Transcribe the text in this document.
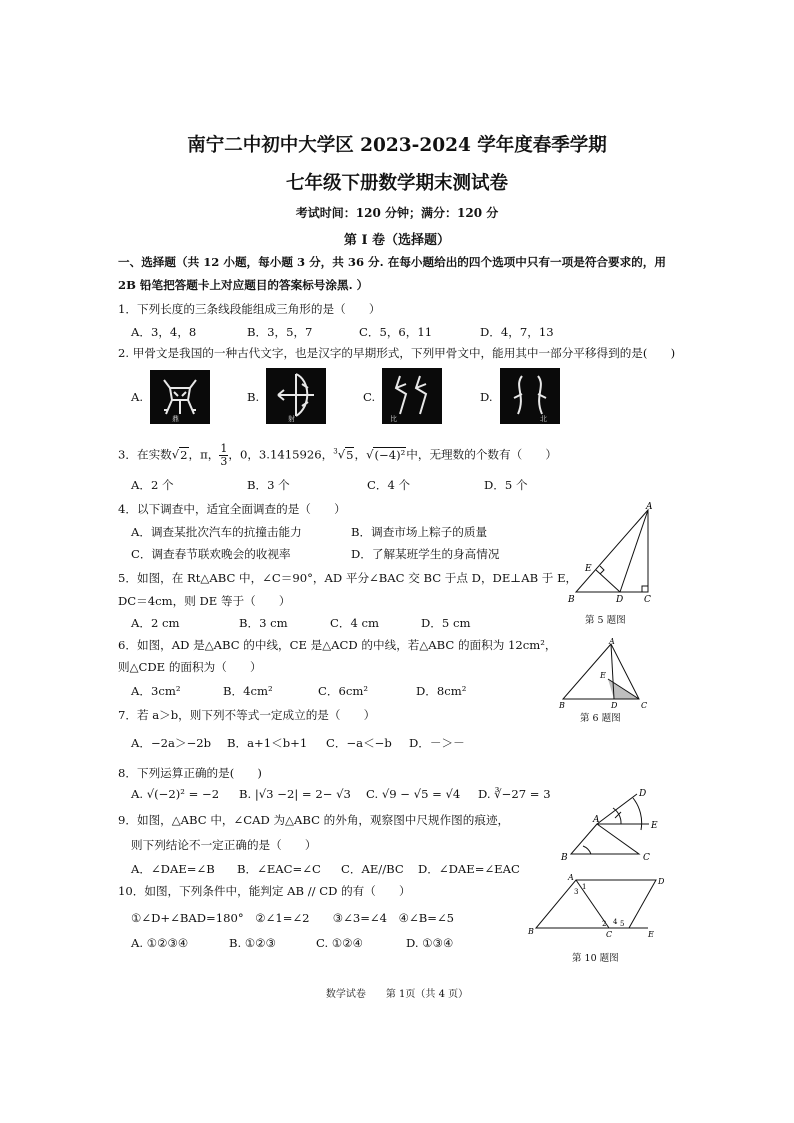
南宁二中初中大学区 2023-2024 学年度春季学期
七年级下册数学期末测试卷
考试时间：120 分钟；满分：120 分
第 I 卷（选择题）
一、选择题（共 12 小题，每小题 3 分，共 36 分. 在每小题给出的四个选项中只有一项是符合要求的，用
2B 铅笔把答题卡上对应题目的答案标号涂黑. ）
1．下列长度的三条线段能组成三角形的是（　　）
A．3，4，8	B．3，5，7	C．5，6，11	D．4，7，13
2. 甲骨文是我国的一种古代文字，也是汉字的早期形式，下列甲骨文中，能用其中一部分平移得到的是(　　)
A.
鼎
B.
射
C.
比
D.
北
3．在实数√2，π， $\frac{1}{3}$ ，0，3.1415926，$^3$√5，√(−4)²中，无理数的个数有（　　）
A．2 个	B．3 个	C．4 个	D．5 个
4．以下调查中，适宜全面调查的是（　　）
A．调查某批次汽车的抗撞击能力	B．调查市场上粽子的质量
C．调查春节联欢晚会的收视率	D．了解某班学生的身高情况
5．如图，在 Rt△ABC 中，∠C＝90°，AD 平分∠BAC 交 BC 于点 D，DE⊥AB 于 E，
DC＝4cm，则 DE 等于（　　）
A．2 cm	B．3 cm	C．4 cm	D．5 cm
A
B	D C
E
第 5 题图
6．如图，AD 是△ABC 的中线，CE 是△ACD 的中线，若△ABC 的面积为 12cm²，
则△CDE 的面积为（　　）
A．3cm²	B．4cm²	C．6cm²	D．8cm²
A
B	D	C
E
第 6 题图
7．若 a＞b，则下列不等式一定成立的是（　　）
A．−2a＞−2b B．a+1＜b+1 C．−a＜−b D．－＞－
8．下列运算正确的是(　　)
A. √(−2)² = −2 B. |√3 −2| = 2− √3 C. √9 − √5 = √4 D. ∛−27 = 3
9．如图，△ABC 中，∠CAD 为△ABC 的外角，观察图中尺规作图的痕迹，
则下列结论不一定正确的是（　　）
A．∠DAE=∠B B．∠EAC=∠C C．AE//BC D．∠DAE=∠EAC
D
A
E
B	C
10．如图，下列条件中，能判定 AB // CD 的有（　　）
①∠D+∠BAD=180°　②∠1=∠2　　③∠3=∠4　④∠B=∠5
A. ①②③④	B. ①②③	C. ①②④	D. ①③④
A	D
B	C	E
1
2
3
4 5
第 10 题图
数学试卷　　第 1页（共 4 页）
